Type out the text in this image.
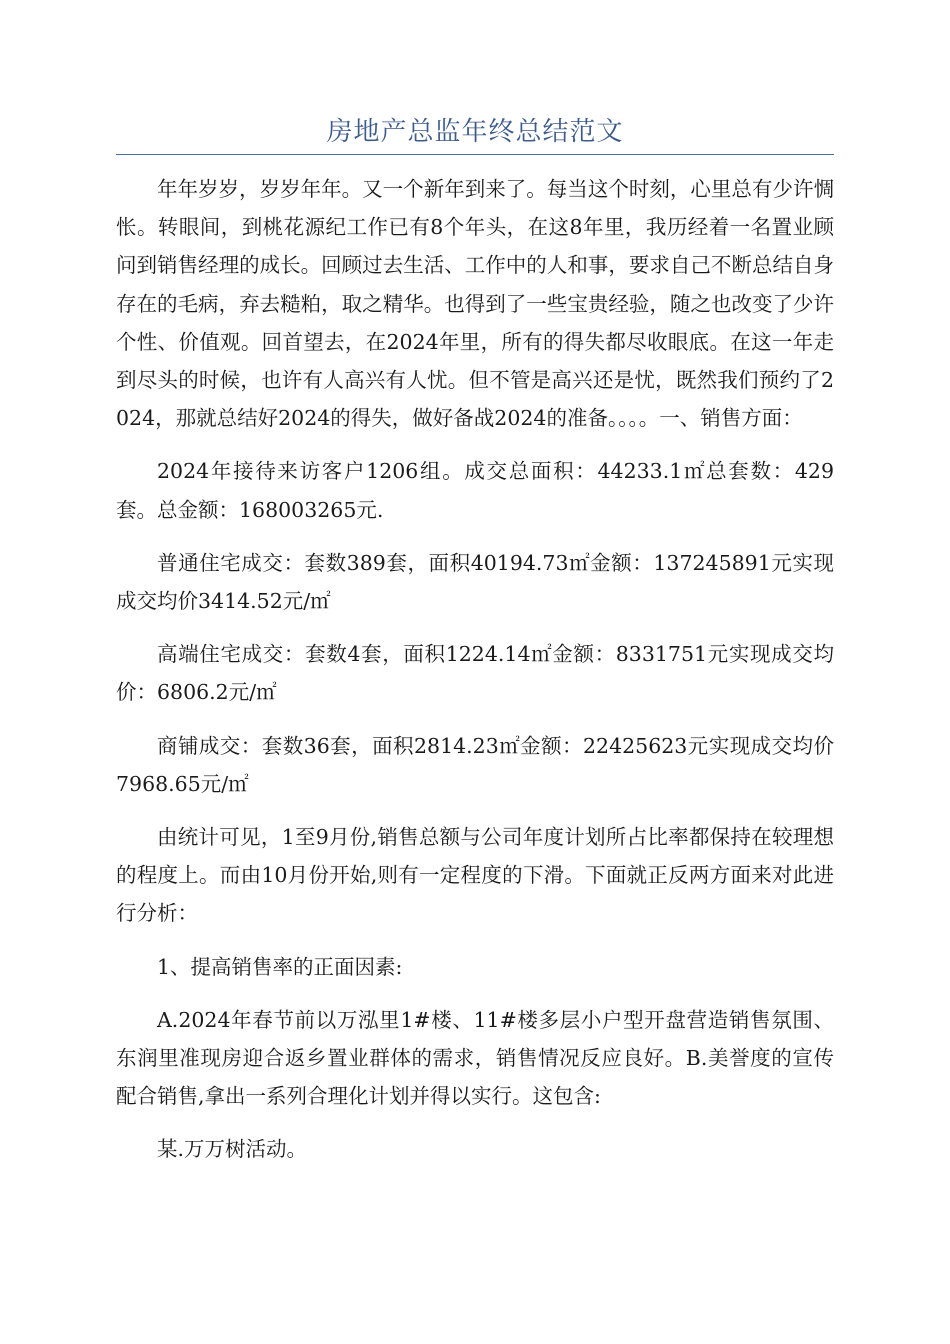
房地产总监年终总结范文

年年岁岁，岁岁年年。又一个新年到来了。每当这个时刻，心里总有少许惆怅。转眼间，到桃花源纪工作已有8个年头，在这8年里，我历经着一名置业顾问到销售经理的成长。回顾过去生活、工作中的人和事，要求自己不断总结自身存在的毛病，弃去糙粕，取之精华。也得到了一些宝贵经验，随之也改变了少许个性、价值观。回首望去，在2024年里，所有的得失都尽收眼底。在这一年走到尽头的时候，也许有人高兴有人忧。但不管是高兴还是忧，既然我们预约了2024，那就总结好2024的得失，做好备战2024的准备。。。。一、销售方面：

2024年接待来访客户1206组。成交总面积：44233.1㎡总套数：429套。总金额：168003265元.

普通住宅成交：套数389套，面积40194.73㎡金额：137245891元实现成交均价3414.52元/㎡

高端住宅成交：套数4套，面积1224.14㎡金额：8331751元实现成交均价：6806.2元/㎡

商铺成交：套数36套，面积2814.23㎡金额：22425623元实现成交均价7968.65元/㎡

由统计可见，1至9月份,销售总额与公司年度计划所占比率都保持在较理想的程度上。而由10月份开始,则有一定程度的下滑。下面就正反两方面来对此进行分析：

1、提高销售率的正面因素:

A.2024年春节前以万泓里1#楼、11#楼多层小户型开盘营造销售氛围、东润里准现房迎合返乡置业群体的需求，销售情况反应良好。B.美誉度的宣传配合销售,拿出一系列合理化计划并得以实行。这包含:

某.万万树活动。
